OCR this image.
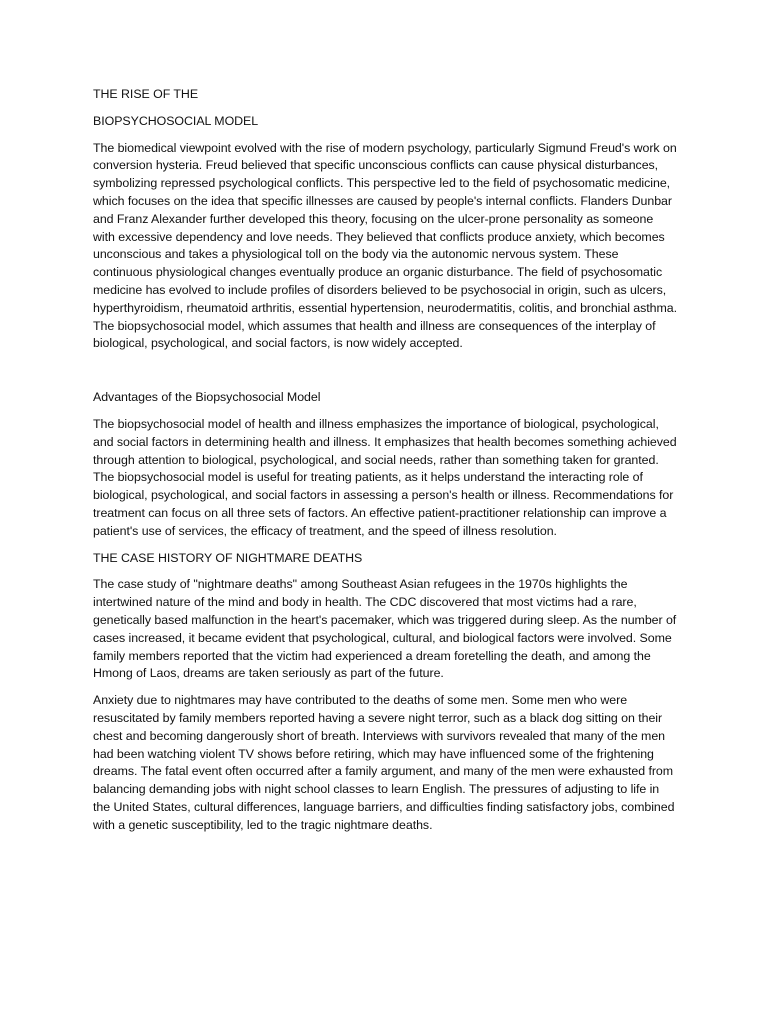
THE RISE OF THE

BIOPSYCHOSOCIAL MODEL

The biomedical viewpoint evolved with the rise of modern psychology, particularly Sigmund Freud's work on conversion hysteria. Freud believed that specific unconscious conflicts can cause physical disturbances, symbolizing repressed psychological conflicts. This perspective led to the field of psychosomatic medicine, which focuses on the idea that specific illnesses are caused by people's internal conflicts. Flanders Dunbar and Franz Alexander further developed this theory, focusing on the ulcer-prone personality as someone with excessive dependency and love needs. They believed that conflicts produce anxiety, which becomes unconscious and takes a physiological toll on the body via the autonomic nervous system. These continuous physiological changes eventually produce an organic disturbance. The field of psychosomatic medicine has evolved to include profiles of disorders believed to be psychosocial in origin, such as ulcers, hyperthyroidism, rheumatoid arthritis, essential hypertension, neurodermatitis, colitis, and bronchial asthma. The biopsychosocial model, which assumes that health and illness are consequences of the interplay of biological, psychological, and social factors, is now widely accepted.

Advantages of the Biopsychosocial Model

The biopsychosocial model of health and illness emphasizes the importance of biological, psychological, and social factors in determining health and illness. It emphasizes that health becomes something achieved through attention to biological, psychological, and social needs, rather than something taken for granted. The biopsychosocial model is useful for treating patients, as it helps understand the interacting role of biological, psychological, and social factors in assessing a person's health or illness. Recommendations for treatment can focus on all three sets of factors. An effective patient-practitioner relationship can improve a patient's use of services, the efficacy of treatment, and the speed of illness resolution.

THE CASE HISTORY OF NIGHTMARE DEATHS

The case study of "nightmare deaths" among Southeast Asian refugees in the 1970s highlights the intertwined nature of the mind and body in health. The CDC discovered that most victims had a rare, genetically based malfunction in the heart's pacemaker, which was triggered during sleep. As the number of cases increased, it became evident that psychological, cultural, and biological factors were involved. Some family members reported that the victim had experienced a dream foretelling the death, and among the Hmong of Laos, dreams are taken seriously as part of the future.

Anxiety due to nightmares may have contributed to the deaths of some men. Some men who were resuscitated by family members reported having a severe night terror, such as a black dog sitting on their chest and becoming dangerously short of breath. Interviews with survivors revealed that many of the men had been watching violent TV shows before retiring, which may have influenced some of the frightening dreams. The fatal event often occurred after a family argument, and many of the men were exhausted from balancing demanding jobs with night school classes to learn English. The pressures of adjusting to life in the United States, cultural differences, language barriers, and difficulties finding satisfactory jobs, combined with a genetic susceptibility, led to the tragic nightmare deaths.
